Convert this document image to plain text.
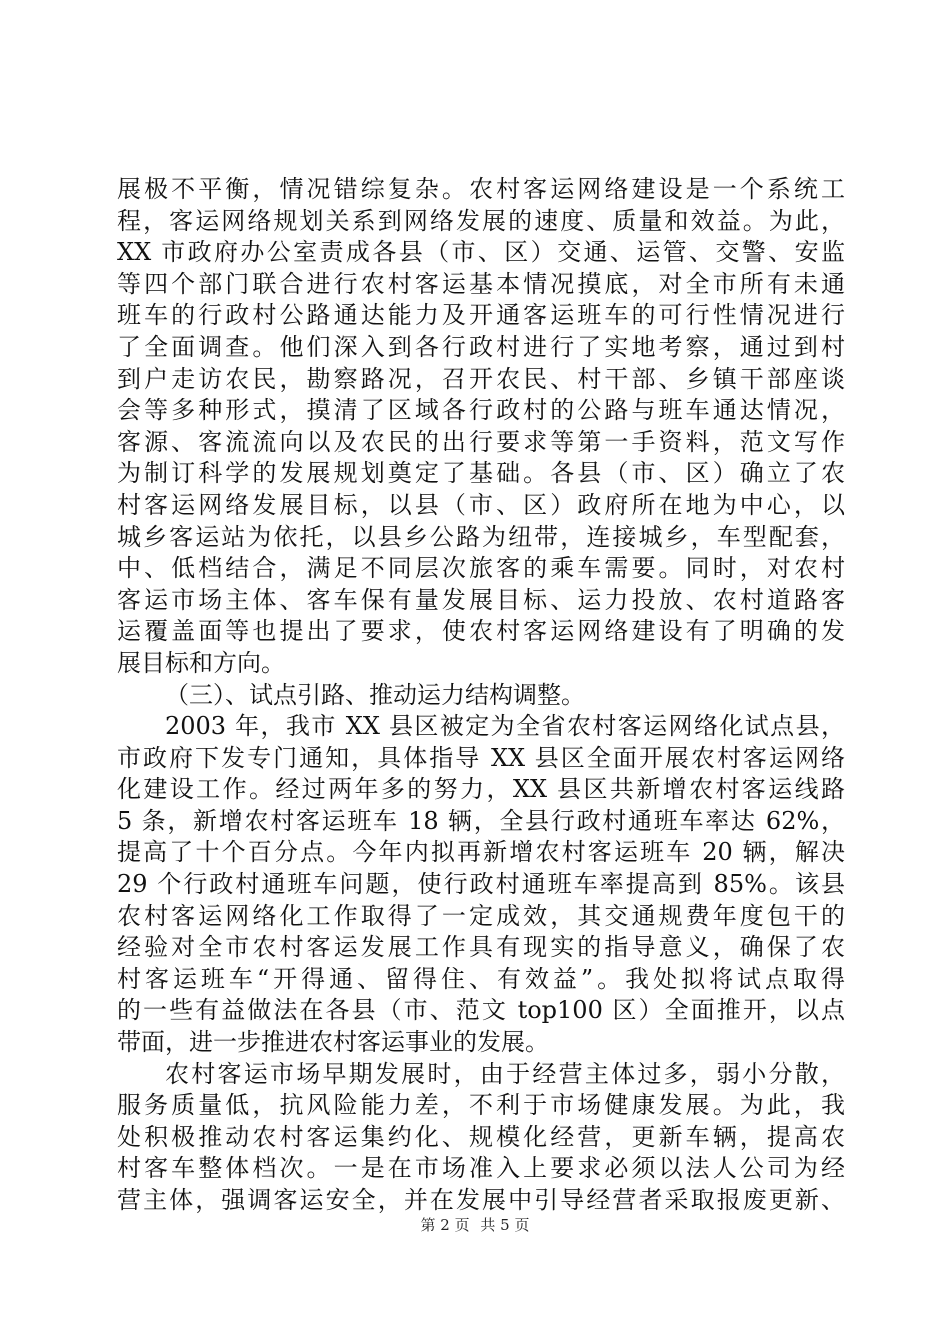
展极不平衡，情况错综复杂。农村客运网络建设是一个系统工
程，客运网络规划关系到网络发展的速度、质量和效益。为此，
XX 市政府办公室责成各县（市、区）交通、运管、交警、安监
等四个部门联合进行农村客运基本情况摸底，对全市所有未通
班车的行政村公路通达能力及开通客运班车的可行性情况进行
了全面调查。他们深入到各行政村进行了实地考察，通过到村
到户走访农民，勘察路况，召开农民、村干部、乡镇干部座谈
会等多种形式，摸清了区域各行政村的公路与班车通达情况，
客源、客流流向以及农民的出行要求等第一手资料，范文写作
为制订科学的发展规划奠定了基础。各县（市、区）确立了农
村客运网络发展目标，以县（市、区）政府所在地为中心，以
城乡客运站为依托，以县乡公路为纽带，连接城乡，车型配套，
中、低档结合，满足不同层次旅客的乘车需要。同时，对农村
客运市场主体、客车保有量发展目标、运力投放、农村道路客
运覆盖面等也提出了要求，使农村客运网络建设有了明确的发
展目标和方向。
（三）、试点引路、推动运力结构调整。
2003 年，我市 XX 县区被定为全省农村客运网络化试点县，
市政府下发专门通知，具体指导 XX 县区全面开展农村客运网络
化建设工作。经过两年多的努力，XX 县区共新增农村客运线路
5 条，新增农村客运班车 18 辆，全县行政村通班车率达 62%，
提高了十个百分点。今年内拟再新增农村客运班车 20 辆，解决
29 个行政村通班车问题，使行政村通班车率提高到 85%。该县
农村客运网络化工作取得了一定成效，其交通规费年度包干的
经验对全市农村客运发展工作具有现实的指导意义，确保了农
村客运班车“开得通、留得住、有效益”。我处拟将试点取得
的一些有益做法在各县（市、范文 top100 区）全面推开，以点
带面，进一步推进农村客运事业的发展。
农村客运市场早期发展时，由于经营主体过多，弱小分散，
服务质量低，抗风险能力差，不利于市场健康发展。为此，我
处积极推动农村客运集约化、规模化经营，更新车辆，提高农
村客车整体档次。一是在市场准入上要求必须以法人公司为经
营主体，强调客运安全，并在发展中引导经营者采取报废更新、
第 2 页 共 5 页
